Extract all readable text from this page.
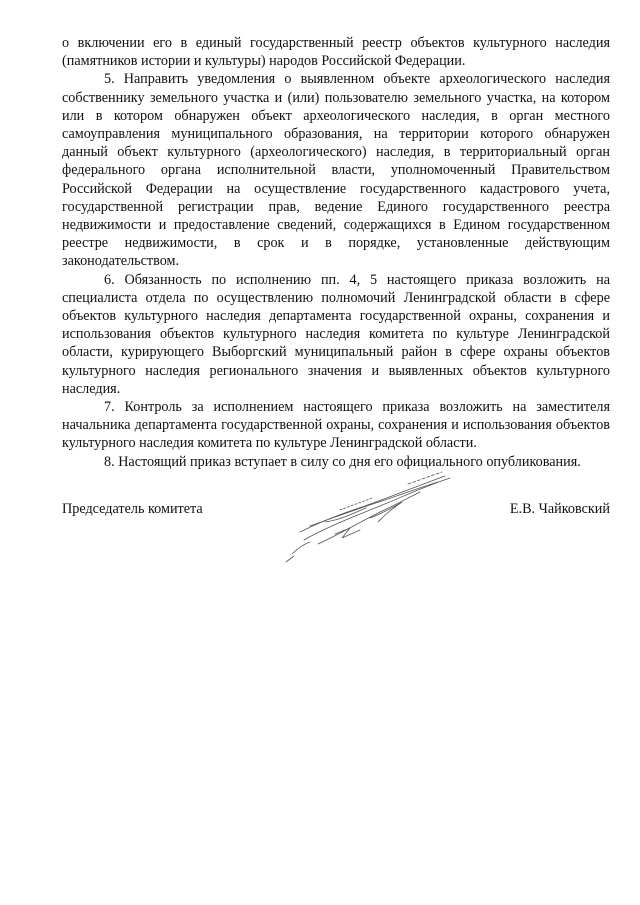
о включении его в единый государственный реестр объектов культурного наследия (памятников истории и культуры) народов Российской Федерации.

5. Направить уведомления о выявленном объекте археологического наследия собственнику земельного участка и (или) пользователю земельного участка, на котором или в котором обнаружен объект археологического наследия, в орган местного самоуправления муниципального образования, на территории которого обнаружен данный объект культурного (археологического) наследия, в территориальный орган федерального органа исполнительной власти, уполномоченный Правительством Российской Федерации на осуществление государственного кадастрового учета, государственной регистрации прав, ведение Единого государственного реестра недвижимости и предоставление сведений, содержащихся в Едином государственном реестре недвижимости, в срок и в порядке, установленные действующим законодательством.

6. Обязанность по исполнению пп. 4, 5 настоящего приказа возложить на специалиста отдела по осуществлению полномочий Ленинградской области в сфере объектов культурного наследия департамента государственной охраны, сохранения и использования объектов культурного наследия комитета по культуре Ленинградской области, курирующего Выборгский муниципальный район в сфере охраны объектов культурного наследия регионального значения и выявленных объектов культурного наследия.

7. Контроль за исполнением настоящего приказа возложить на заместителя начальника департамента государственной охраны, сохранения и использования объектов культурного наследия комитета по культуре Ленинградской области.

8. Настоящий приказ вступает в силу со дня его официального опубликования.

Председатель комитета	Е.В. Чайковский
